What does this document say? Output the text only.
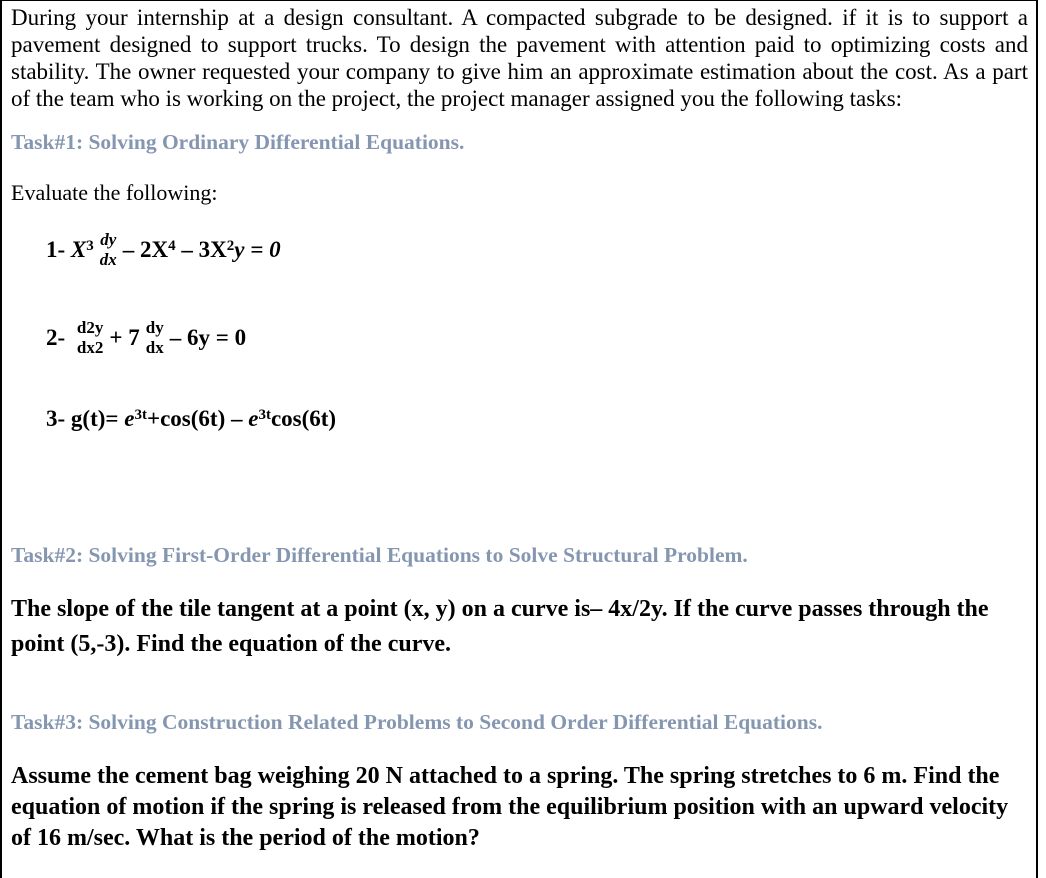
During your internship at a design consultant. A compacted subgrade to be designed. if it is to support a pavement designed to support trucks. To design the pavement with attention paid to optimizing costs and stability. The owner requested your company to give him an approximate estimation about the cost. As a part of the team who is working on the project, the project manager assigned you the following tasks:
Task#1: Solving Ordinary Differential Equations.
Evaluate the following:
1-
$X^3$ dy
dx – $2X^4 - 3X^2$ y = 0
2-
d2y
dx2 + 7 dy
dx – 6y = 0
3-
$g(t)= e^{3t} +\cos(6t) - e^{3t}$ cos(6t)
Task#2: Solving First-Order Differential Equations to Solve Structural Problem.
The slope of the tile tangent at a point (x, y) on a curve is– 4x/2y. If the curve passes through the point (5,-3). Find the equation of the curve.
Task#3: Solving Construction Related Problems to Second Order Differential Equations.
Assume the cement bag weighing 20 N attached to a spring. The spring stretches to 6 m. Find the equation of motion if the spring is released from the equilibrium position with an upward velocity of 16 m/sec. What is the period of the motion?
